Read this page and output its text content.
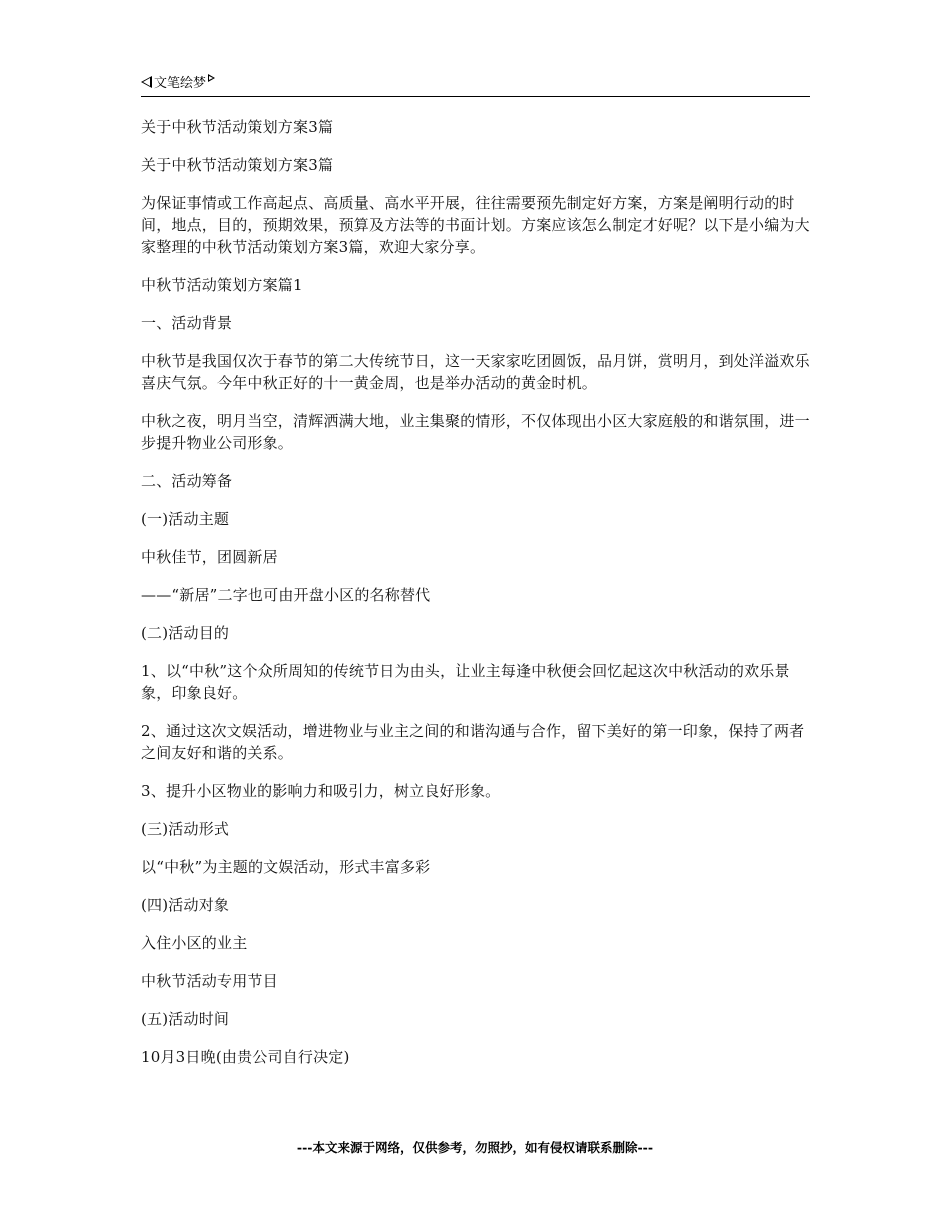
文笔绘梦

关于中秋节活动策划方案3篇

关于中秋节活动策划方案3篇

为保证事情或工作高起点、高质量、高水平开展，往往需要预先制定好方案，方案是阐明行动的时间，地点，目的，预期效果，预算及方法等的书面计划。方案应该怎么制定才好呢？以下是小编为大家整理的中秋节活动策划方案3篇，欢迎大家分享。

中秋节活动策划方案篇1

一、活动背景

中秋节是我国仅次于春节的第二大传统节日，这一天家家吃团圆饭，品月饼，赏明月，到处洋溢欢乐喜庆气氛。今年中秋正好的十一黄金周，也是举办活动的黄金时机。

中秋之夜，明月当空，清辉洒满大地，业主集聚的情形，不仅体现出小区大家庭般的和谐氛围，进一步提升物业公司形象。

二、活动筹备

(一)活动主题

中秋佳节，团圆新居

——“新居”二字也可由开盘小区的名称替代

(二)活动目的

1、以“中秋”这个众所周知的传统节日为由头，让业主每逢中秋便会回忆起这次中秋活动的欢乐景象，印象良好。

2、通过这次文娱活动，增进物业与业主之间的和谐沟通与合作，留下美好的第一印象，保持了两者之间友好和谐的关系。

3、提升小区物业的影响力和吸引力，树立良好形象。

(三)活动形式

以“中秋”为主题的文娱活动，形式丰富多彩

(四)活动对象

入住小区的业主

中秋节活动专用节目

(五)活动时间

10月3日晚(由贵公司自行决定)

---本文来源于网络，仅供参考，勿照抄，如有侵权请联系删除---
